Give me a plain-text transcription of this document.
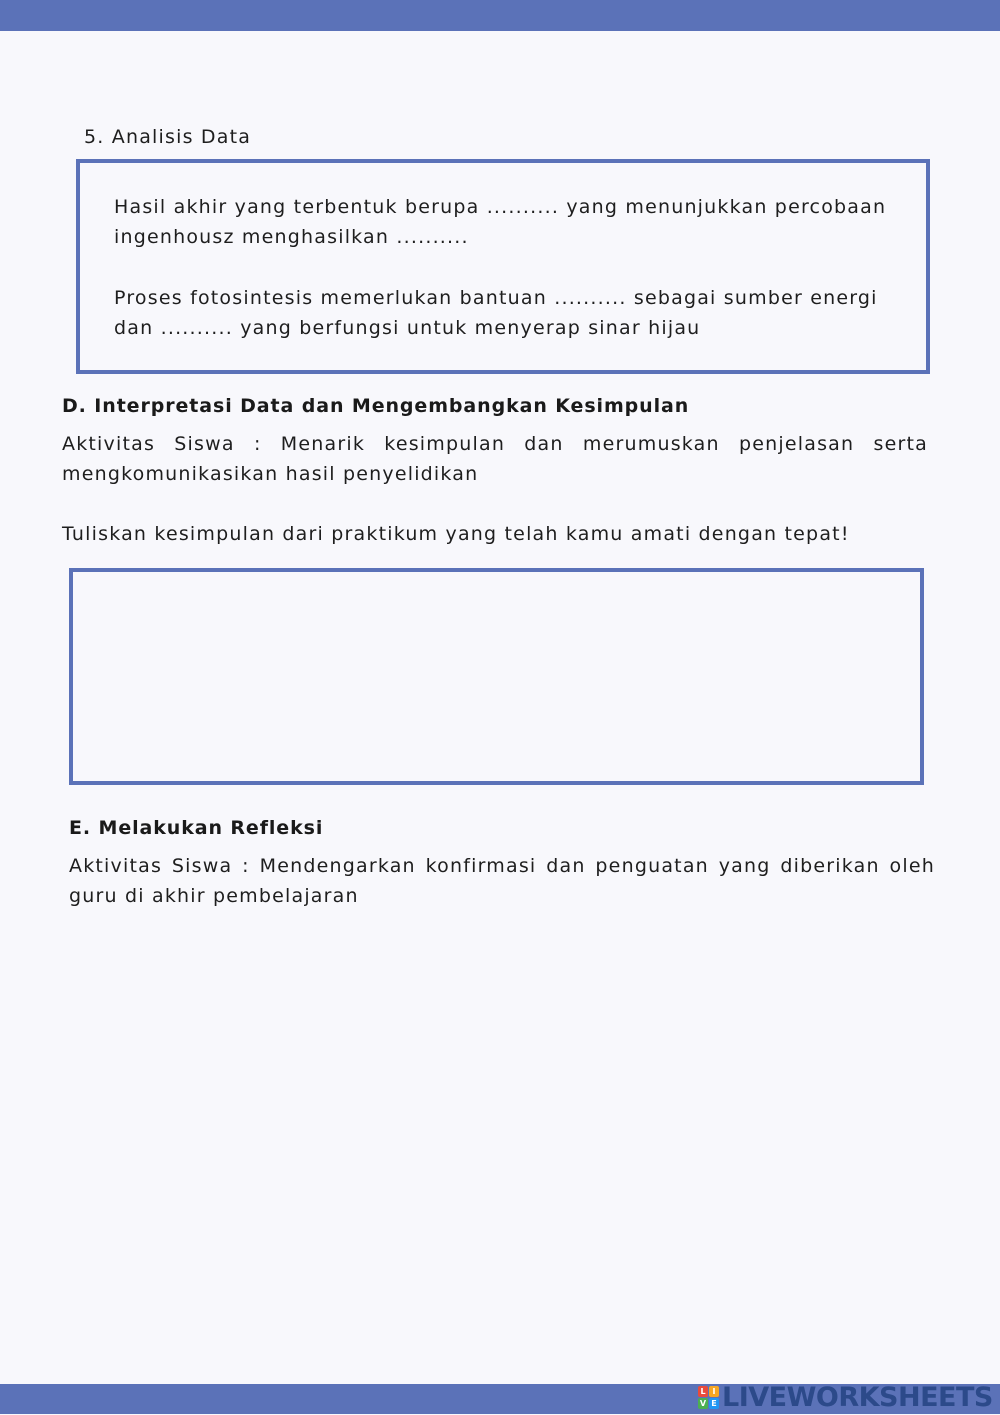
5. Analisis Data
Hasil akhir yang terbentuk berupa .......... yang menunjukkan percobaan
ingenhousz menghasilkan ..........
Proses fotosintesis memerlukan bantuan .......... sebagai sumber energi
dan .......... yang berfungsi untuk menyerap sinar hijau
D. Interpretasi Data dan Mengembangkan Kesimpulan
Aktivitas Siswa : Menarik kesimpulan dan merumuskan penjelasan serta mengkomunikasikan hasil penyelidikan
Tuliskan kesimpulan dari praktikum yang telah kamu amati dengan tepat!
E. Melakukan Refleksi
Aktivitas Siswa : Mendengarkan konfirmasi dan penguatan yang diberikan oleh guru di akhir pembelajaran
L I
V E LIVEWORKSHEETS
